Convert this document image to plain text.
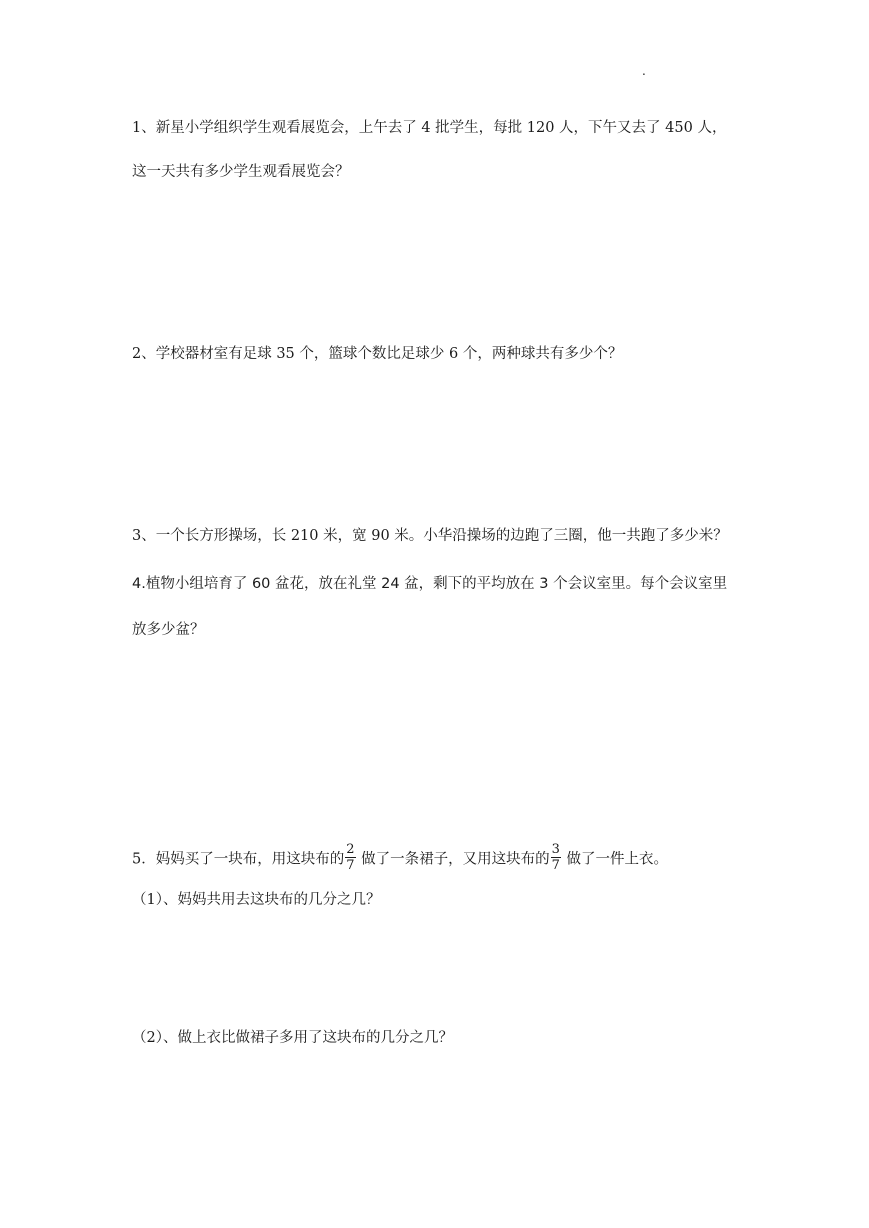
.
1、新星小学组织学生观看展览会，上午去了 4 批学生，每批 120 人，下午又去了 450 人，
这一天共有多少学生观看展览会？
2、学校器材室有足球 35 个，篮球个数比足球少 6 个，两种球共有多少个？
3、一个长方形操场，长 210 米，宽 90 米。小华沿操场的边跑了三圈，他一共跑了多少米？
4.植物小组培育了 60 盆花，放在礼堂 24 盆，剩下的平均放在 3 个会议室里。每个会议室里
放多少盆？
5．妈妈买了一块布，用这块布的 $\frac{2}{7}$ 做了一条裙子，又用这块布的 $\frac{3}{7}$ 做了一件上衣。
（1）、妈妈共用去这块布的几分之几？
（2）、做上衣比做裙子多用了这块布的几分之几？
